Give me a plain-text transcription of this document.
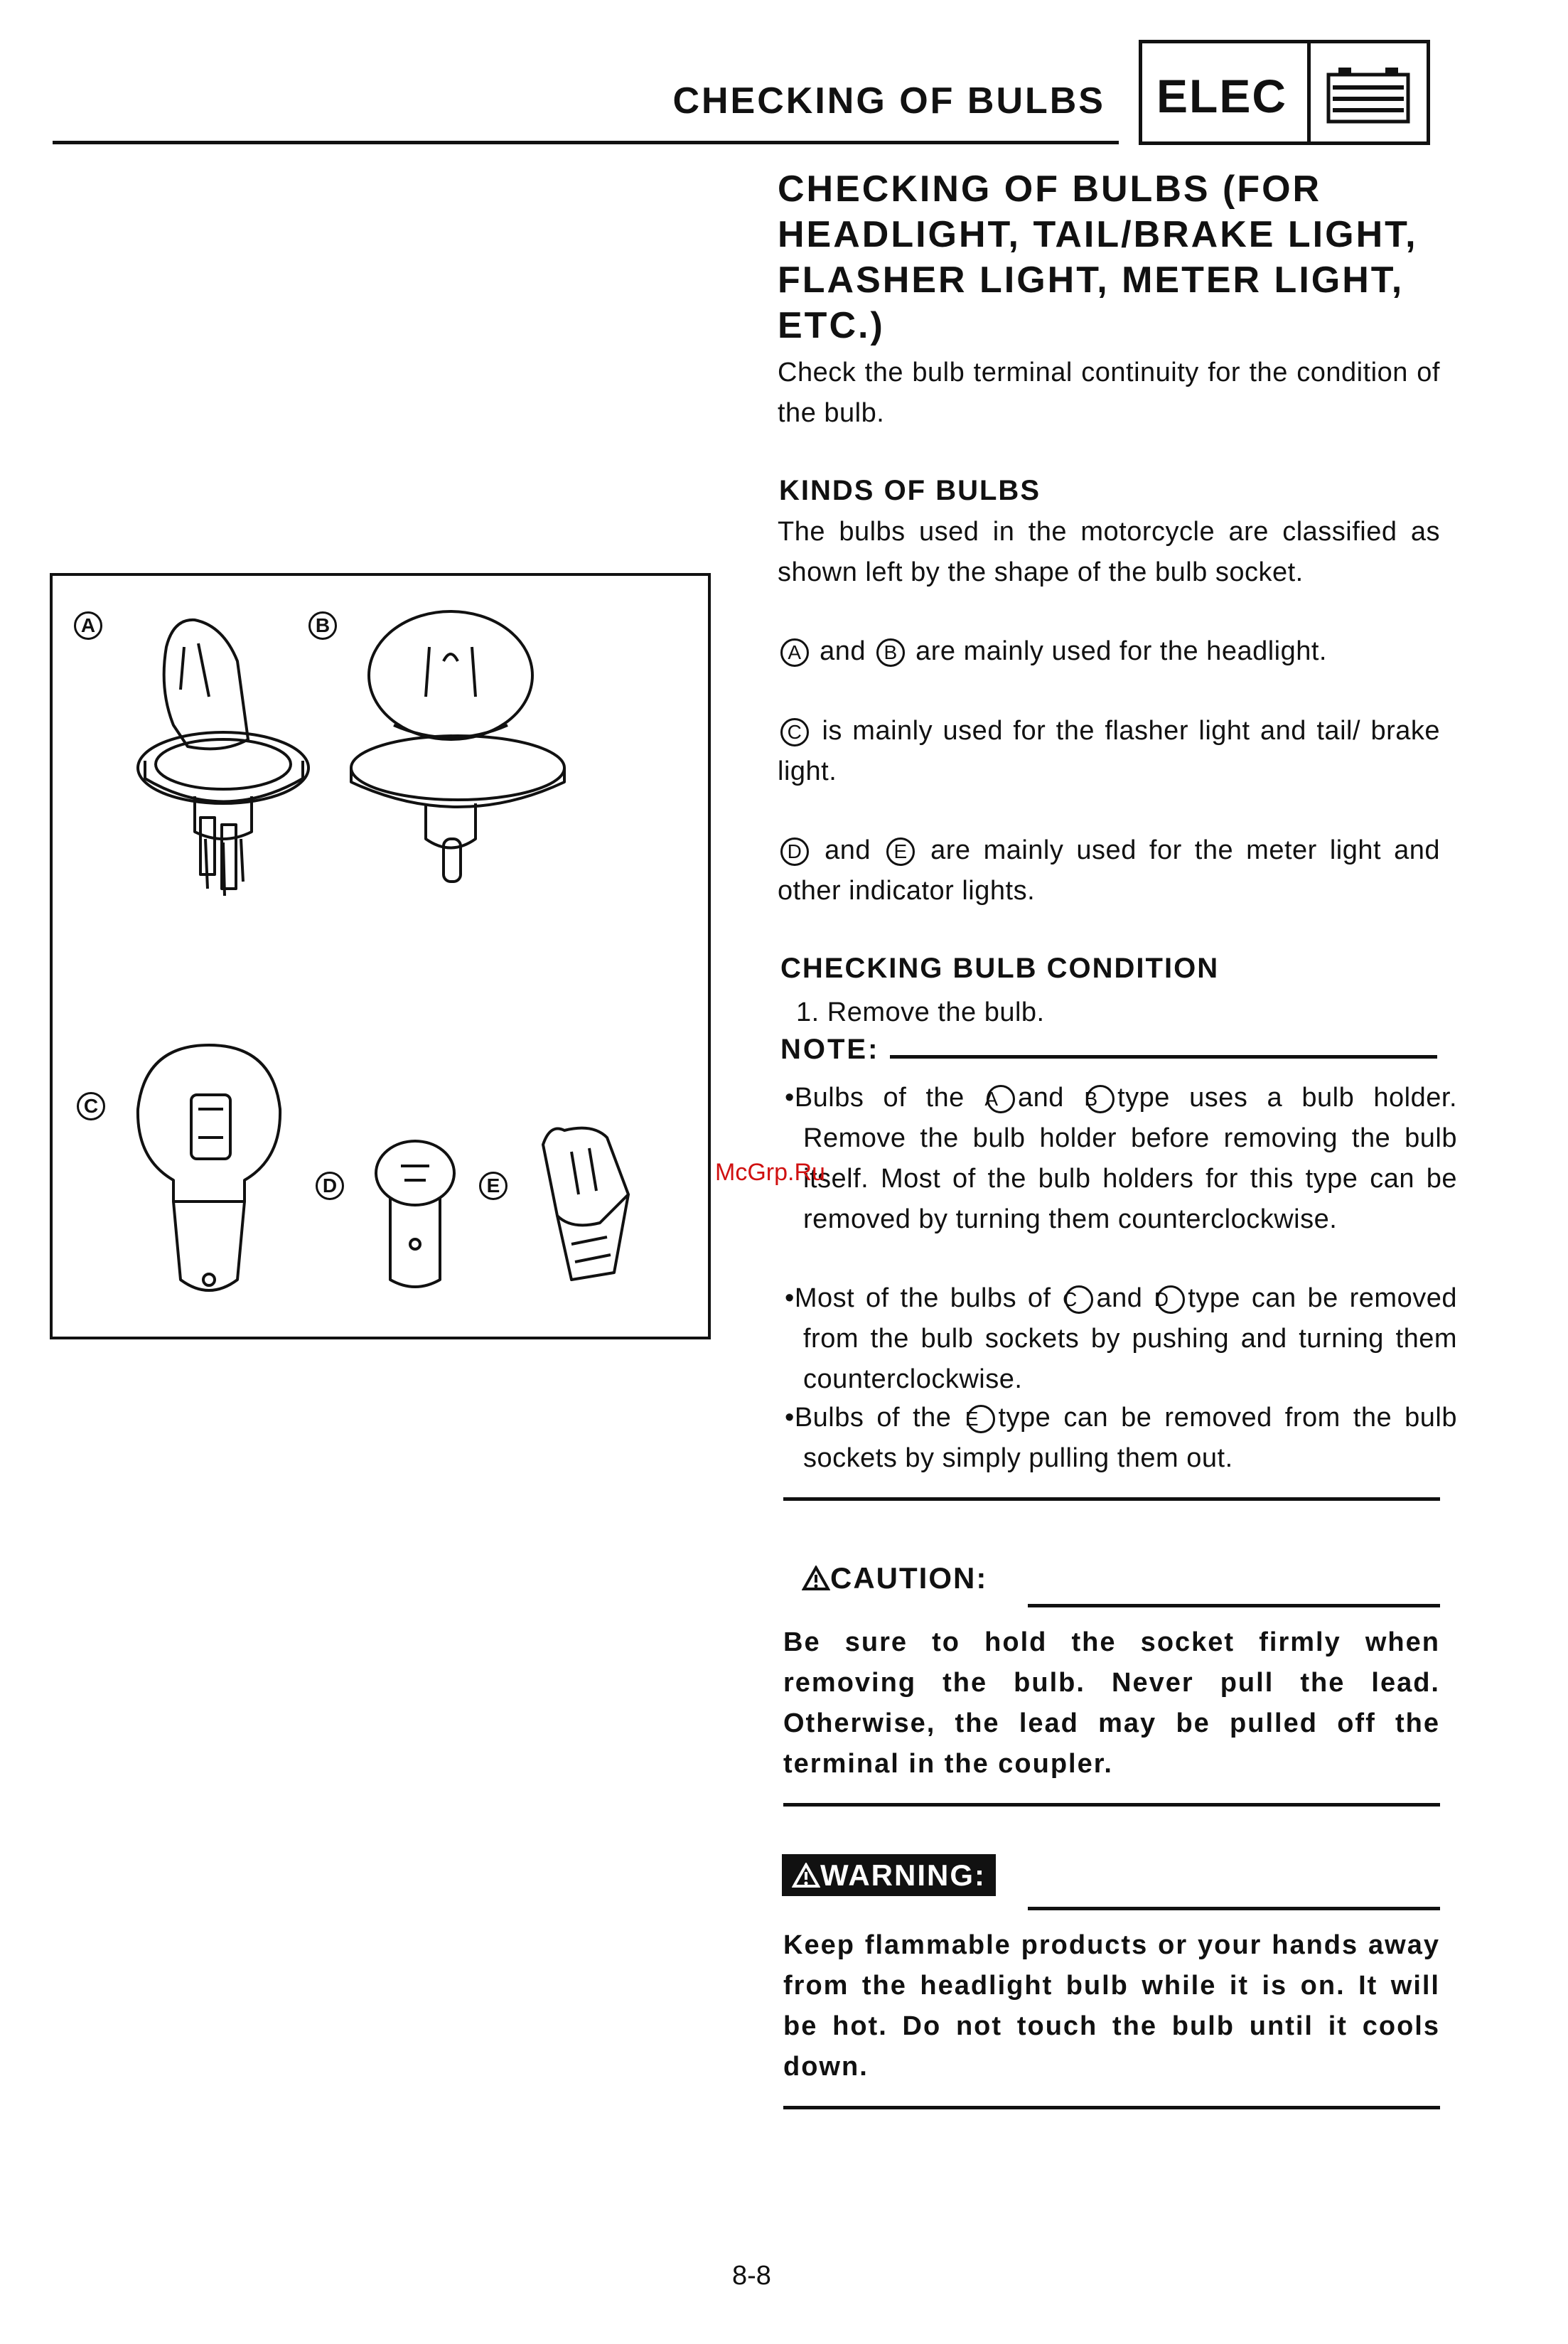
CHECKING OF BULBS ELEC
CHECKING OF BULBS (FOR HEADLIGHT, TAIL/BRAKE LIGHT, FLASHER LIGHT, METER LIGHT, ETC.)
Check the bulb terminal continuity for the condition of the bulb.
KINDS OF BULBS
The bulbs used in the motorcycle are classified as shown left by the shape of the bulb socket.
A and B are mainly used for the headlight.
C is mainly used for the flasher light and tail/ brake light.
D and E are mainly used for the meter light and other indicator lights.
CHECKING BULB CONDITION
1. Remove the bulb.
NOTE:
•Bulbs of the A and B type uses a bulb holder. Remove the bulb holder before removing the bulb itself. Most of the bulb holders for this type can be removed by turning them counterclockwise.
•Most of the bulbs of C and D type can be removed from the bulb sockets by pushing and turning them counterclockwise.
•Bulbs of the E type can be removed from the bulb sockets by simply pulling them out.
CAUTION:
Be sure to hold the socket firmly when removing the bulb. Never pull the lead. Otherwise, the lead may be pulled off the terminal in the coupler.
WARNING:
Keep flammable products or your hands away from the headlight bulb while it is on. It will be hot. Do not touch the bulb until it cools down.
A	B
C
D	E	McGrp.Ru
8-8
